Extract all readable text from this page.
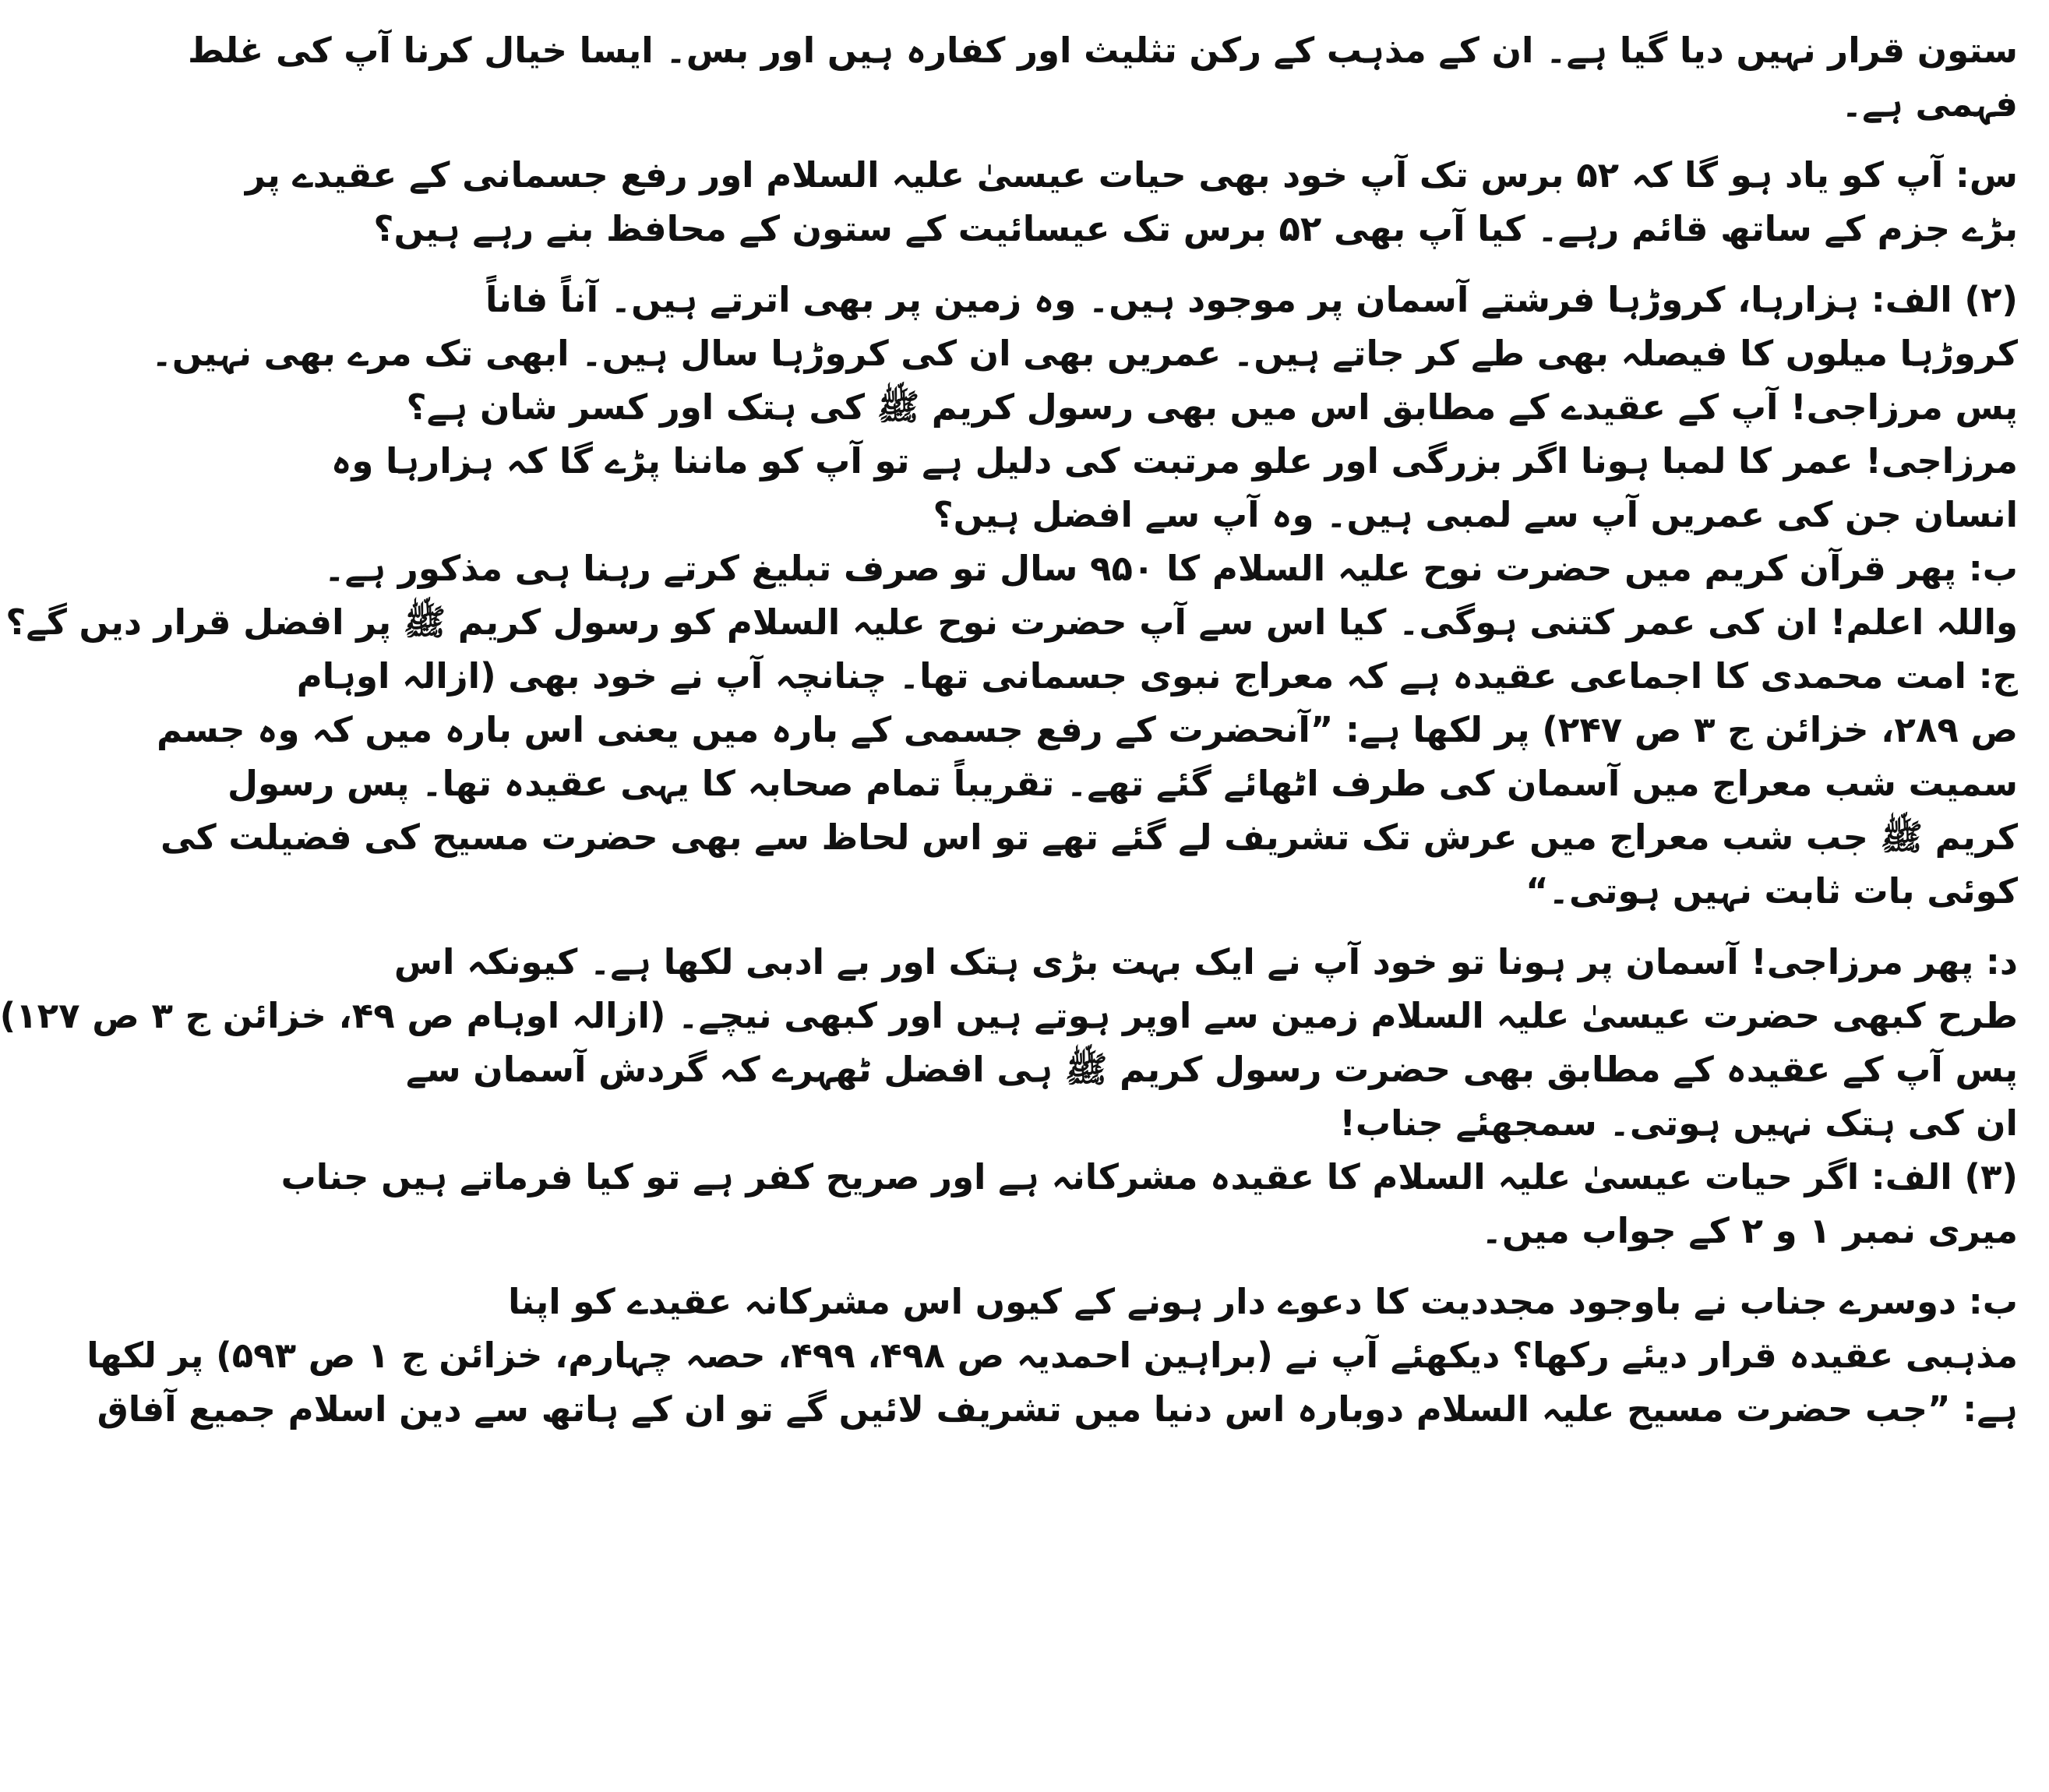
ستون قرار نہیں دیا گیا ہے۔ ان کے مذہب کے رکن تثلیث اور کفارہ ہیں اور بس۔ ایسا خیال کرنا آپ کی غلط
فہمی ہے۔
س: آپ کو یاد ہو گا کہ ۵۲ برس تک آپ خود بھی حیات عیسیٰ علیہ السلام اور رفع جسمانی کے عقیدے پر
بڑے جزم کے ساتھ قائم رہے۔ کیا آپ بھی ۵۲ برس تک عیسائیت کے ستون کے محافظ بنے رہے ہیں؟
(۲) الف: ہزارہا، کروڑہا فرشتے آسمان پر موجود ہیں۔ وہ زمین پر بھی اترتے ہیں۔ آناً فاناً
کروڑہا میلوں کا فیصلہ بھی طے کر جاتے ہیں۔ عمریں بھی ان کی کروڑہا سال ہیں۔ ابھی تک مرے بھی نہیں۔
پس مرزاجی! آپ کے عقیدے کے مطابق اس میں بھی رسول کریم ﷺ کی ہتک اور کسر شان ہے؟
مرزاجی! عمر کا لمبا ہونا اگر بزرگی اور علو مرتبت کی دلیل ہے تو آپ کو ماننا پڑے گا کہ ہزارہا وہ
انسان جن کی عمریں آپ سے لمبی ہیں۔ وہ آپ سے افضل ہیں؟
ب: پھر قرآن کریم میں حضرت نوح علیہ السلام کا ۹۵۰ سال تو صرف تبلیغ کرتے رہنا ہی مذکور ہے۔
واللہ اعلم! ان کی عمر کتنی ہوگی۔ کیا اس سے آپ حضرت نوح علیہ السلام کو رسول کریم ﷺ پر افضل قرار دیں گے؟
ج: امت محمدی کا اجماعی عقیدہ ہے کہ معراج نبوی جسمانی تھا۔ چنانچہ آپ نے خود بھی (ازالہ اوہام
ص ۲۸۹، خزائن ج ۳ ص ۲۴۷) پر لکھا ہے: ”آنحضرت کے رفع جسمی کے بارہ میں یعنی اس بارہ میں کہ وہ جسم
سمیت شب معراج میں آسمان کی طرف اٹھائے گئے تھے۔ تقریباً تمام صحابہ کا یہی عقیدہ تھا۔ پس رسول
کریم ﷺ جب شب معراج میں عرش تک تشریف لے گئے تھے تو اس لحاظ سے بھی حضرت مسیح کی فضیلت کی
کوئی بات ثابت نہیں ہوتی۔“
د: پھر مرزاجی! آسمان پر ہونا تو خود آپ نے ایک بہت بڑی ہتک اور بے ادبی لکھا ہے۔ کیونکہ اس
طرح کبھی حضرت عیسیٰ علیہ السلام زمین سے اوپر ہوتے ہیں اور کبھی نیچے۔ (ازالہ اوہام ص ۴۹، خزائن ج ۳ ص ۱۲۷)
پس آپ کے عقیدہ کے مطابق بھی حضرت رسول کریم ﷺ ہی افضل ٹھہرے کہ گردش آسمان سے
ان کی ہتک نہیں ہوتی۔ سمجھئے جناب!
(۳) الف: اگر حیات عیسیٰ علیہ السلام کا عقیدہ مشرکانہ ہے اور صریح کفر ہے تو کیا فرماتے ہیں جناب
میری نمبر ۱ و ۲ کے جواب میں۔
ب: دوسرے جناب نے باوجود مجددیت کا دعوے دار ہونے کے کیوں اس مشرکانہ عقیدے کو اپنا
مذہبی عقیدہ قرار دیئے رکھا؟ دیکھئے آپ نے (براہین احمدیہ ص ۴۹۸، ۴۹۹، حصہ چہارم، خزائن ج ۱ ص ۵۹۳) پر لکھا
ہے: ”جب حضرت مسیح علیہ السلام دوبارہ اس دنیا میں تشریف لائیں گے تو ان کے ہاتھ سے دین اسلام جمیع آفاق
